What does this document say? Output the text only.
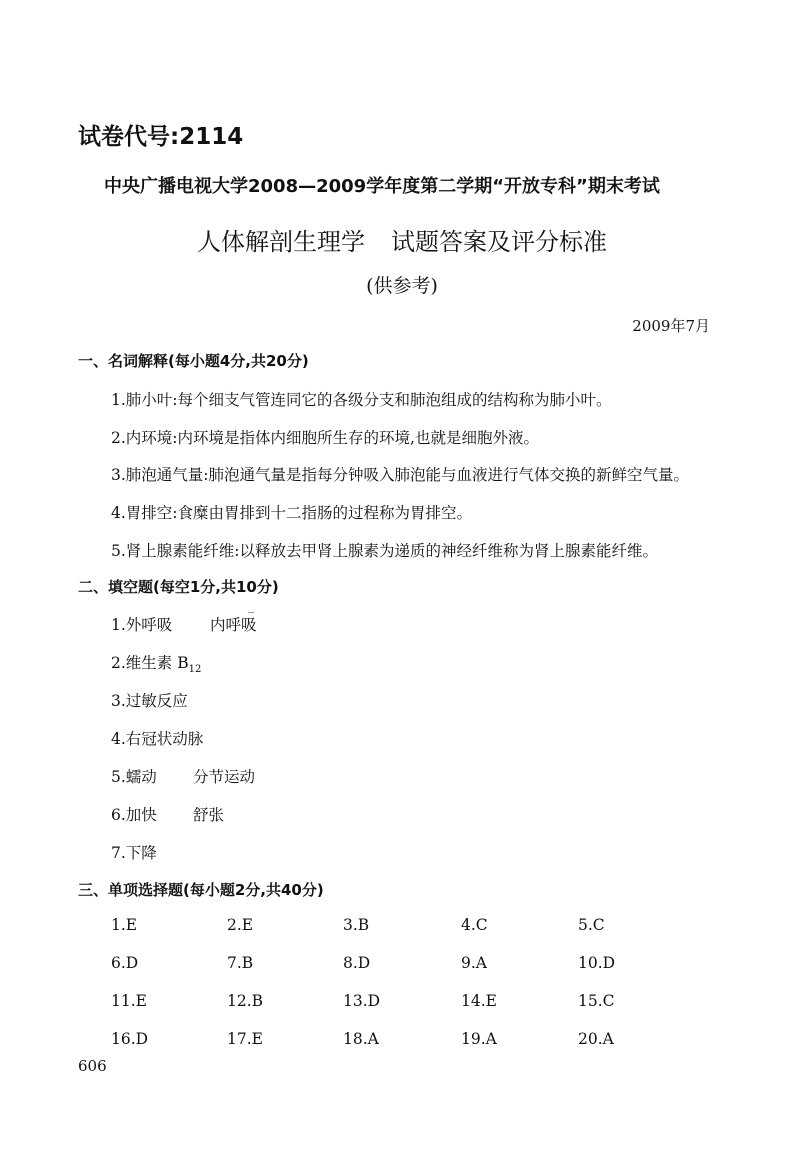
试卷代号:2114
中央广播电视大学2008—2009学年度第二学期“开放专科”期末考试
人体解剖生理学 试题答案及评分标准
(供参考)
2009年7月
一、名词解释(每小题4分,共20分)
1.肺小叶:每个细支气管连同它的各级分支和肺泡组成的结构称为肺小叶。
2.内环境:内环境是指体内细胞所生存的环境,也就是细胞外液。
3.肺泡通气量:肺泡通气量是指每分钟吸入肺泡能与血液进行气体交换的新鲜空气量。
4.胃排空:食糜由胃排到十二指肠的过程称为胃排空。
5.肾上腺素能纤维:以释放去甲肾上腺素为递质的神经纤维称为肾上腺素能纤维。
二、填空题(每空1分,共10分)
1.外呼吸 内呼吸
2.维生素 $B_{12}$
3.过敏反应
4.右冠状动脉
5.蠕动 分节运动
6.加快 舒张
7.下降
三、单项选择题(每小题2分,共40分)
1.E	2.E	3.B	4.C	5.C
6.D	7.B	8.D	9.A	10.D
11.E	12.B	13.D	14.E	15.C
16.D	17.E	18.A	19.A	20.A
606
